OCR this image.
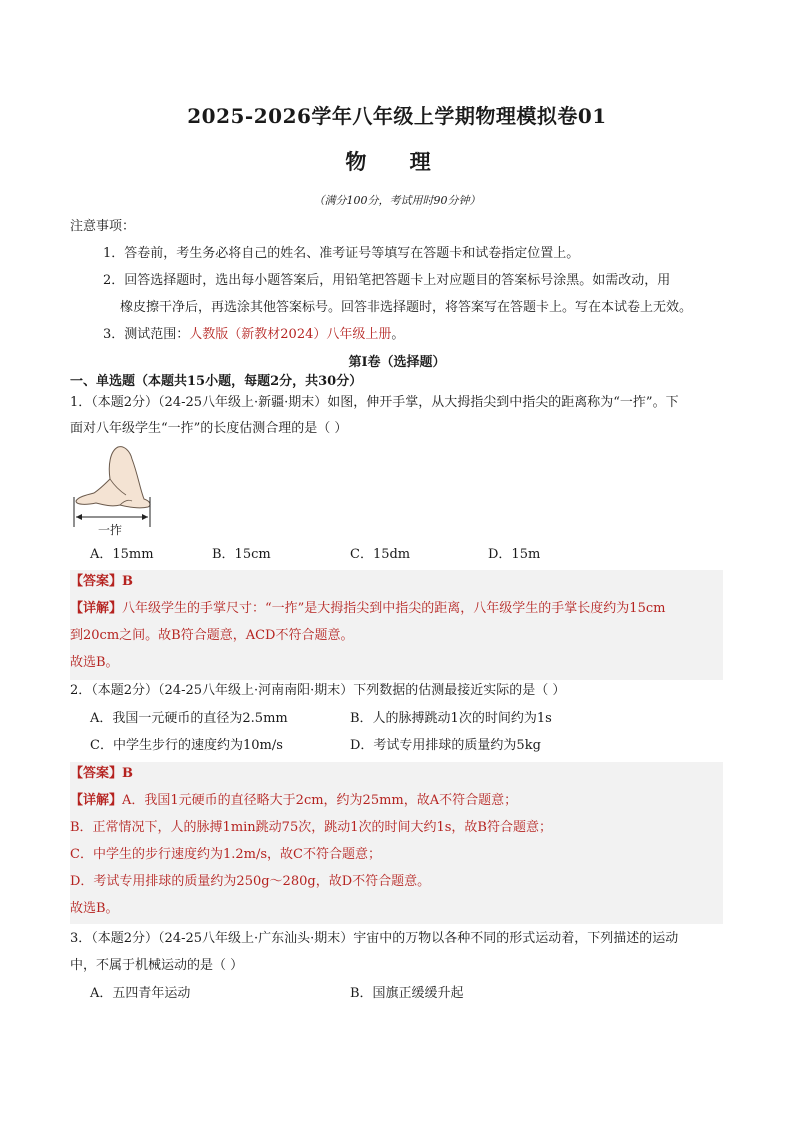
2025-2026学年八年级上学期物理模拟卷01
物 理
（满分100分，考试用时90分钟）
注意事项：
1．答卷前，考生务必将自己的姓名、准考证号等填写在答题卡和试卷指定位置上。
2．回答选择题时，选出每小题答案后，用铅笔把答题卡上对应题目的答案标号涂黑。如需改动，用
橡皮擦干净后，再选涂其他答案标号。回答非选择题时，将答案写在答题卡上。写在本试卷上无效。
3．测试范围：人教版（新教材2024）八年级上册。
第Ⅰ卷（选择题）
一、单选题（本题共15小题，每题2分，共30分）
1．（本题2分）（24-25八年级上·新疆·期末）如图，伸开手掌，从大拇指尖到中指尖的距离称为“一拃”。下
面对八年级学生“一拃”的长度估测合理的是（ ）
一拃
A．15mm	B．15cm	C．15dm	D．15m
【答案】B
【详解】八年级学生的手掌尺寸：“一拃”是大拇指尖到中指尖的距离，八年级学生的手掌长度约为15cm
到20cm之间。故B符合题意，ACD不符合题意。
故选B。
2．（本题2分）（24-25八年级上·河南南阳·期末）下列数据的估测最接近实际的是（ ）
A．我国一元硬币的直径为2.5mm	B．人的脉搏跳动1次的时间约为1s
C．中学生步行的速度约为10m/s	D．考试专用排球的质量约为5kg
【答案】B
【详解】A．我国1元硬币的直径略大于2cm，约为25mm，故A不符合题意；
B．正常情况下，人的脉搏1min跳动75次，跳动1次的时间大约1s，故B符合题意；
C．中学生的步行速度约为1.2m/s，故C不符合题意；
D．考试专用排球的质量约为250g～280g，故D不符合题意。
故选B。
3．（本题2分）（24-25八年级上·广东汕头·期末）宇宙中的万物以各种不同的形式运动着，下列描述的运动
中，不属于机械运动的是（ ）
A．五四青年运动	B．国旗正缓缓升起
